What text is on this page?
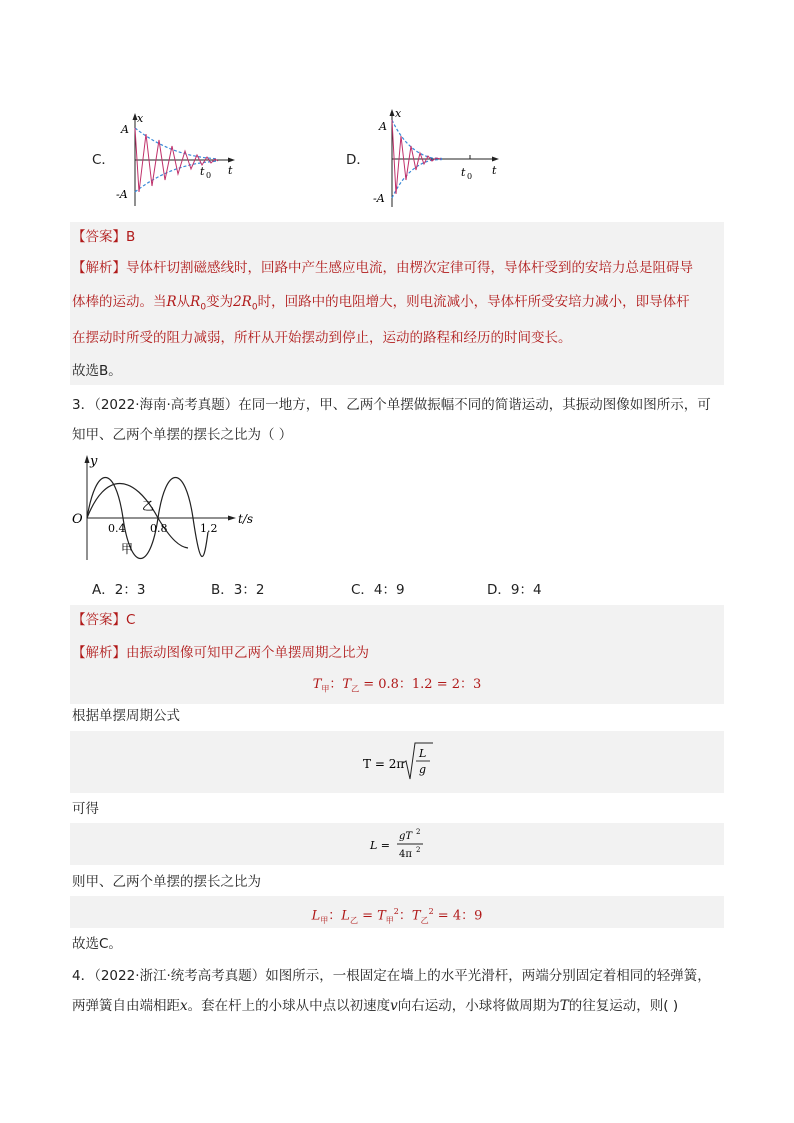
C．
x
A
-A
t 0 t
D．
x
A
-A
t 0 t
【答案】B
【解析】导体杆切割磁感线时，回路中产生感应电流，由楞次定律可得，导体杆受到的安培力总是阻碍导
体棒的运动。当R从$R_0$变为$2R_0$时，回路中的电阻增大，则电流减小，导体杆所受安培力减小，即导体杆
在摆动时所受的阻力减弱，所杆从开始摆动到停止，运动的路程和经历的时间变长。
故选B。
3．（2022·海南·高考真题）在同一地方，甲、乙两个单摆做振幅不同的简谐运动，其振动图像如图所示，可
知甲、乙两个单摆的摆长之比为（ ）
y
O
0.4 0.8	1.2
t/s
乙
甲
A．2：3	B．3：2	C．4：9	D．9：4
【答案】C
【解析】由振动图像可知甲乙两个单摆周期之比为
$T_甲$：$T_乙 = 0.8$：1.2 = 2：3
根据单摆周期公式
T = 2π
L
g
可得
L =
gT 2
4π 2
则甲、乙两个单摆的摆长之比为
$L_甲$：$L_乙 = T_甲^2$：$T_乙^2 = 4$：9
故选C。
4．（2022·浙江·统考高考真题）如图所示，一根固定在墙上的水平光滑杆，两端分别固定着相同的轻弹簧，
两弹簧自由端相距x。套在杆上的小球从中点以初速度v向右运动，小球将做周期为T的往复运动，则( )
